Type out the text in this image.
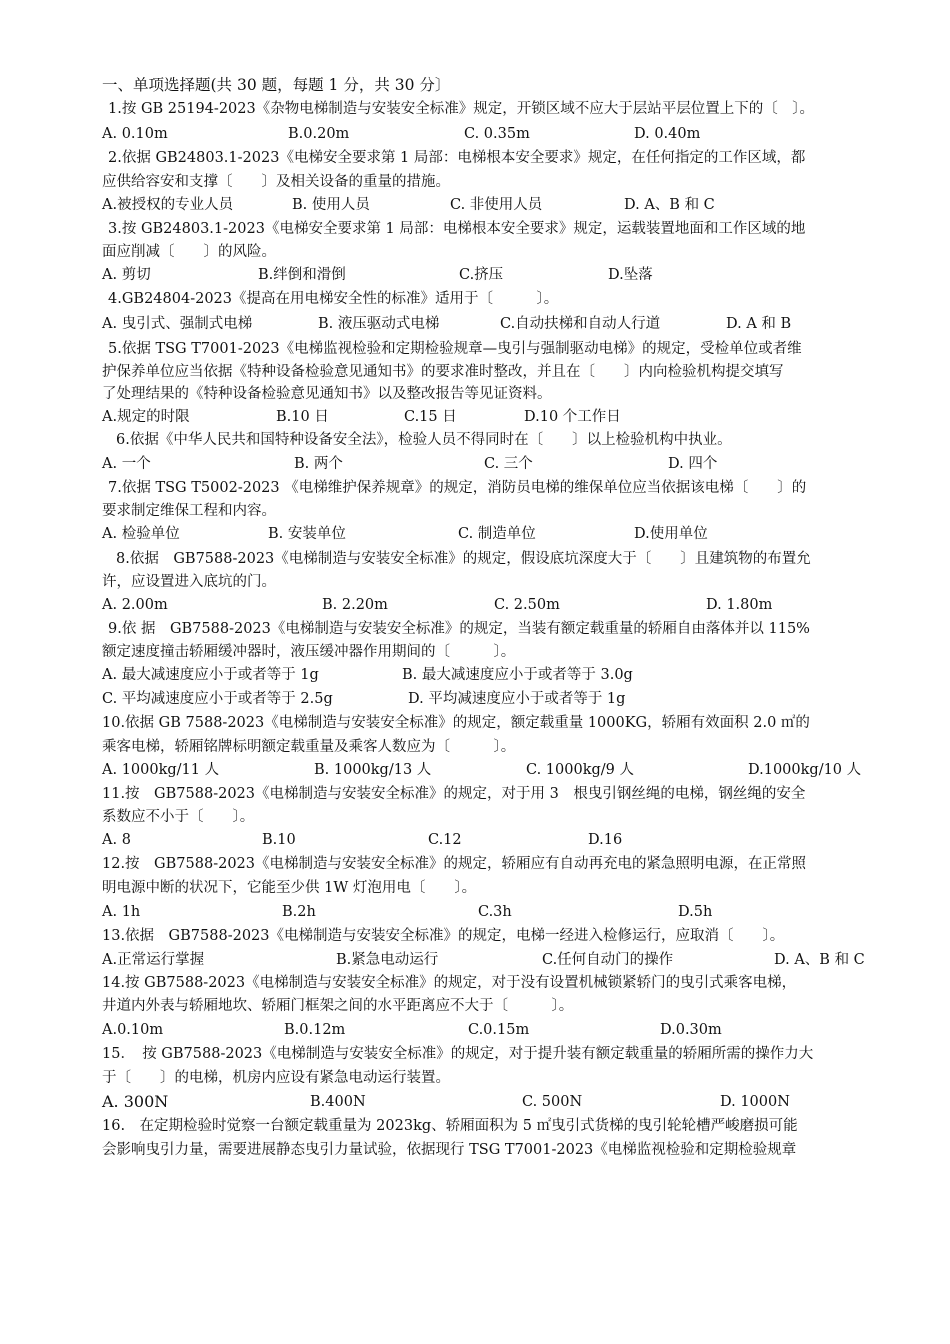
一、单项选择题(共 30 题，每题 1 分，共 30 分〕
1.按 GB 25194-2023《杂物电梯制造与安装安全标准》规定，开锁区域不应大于层站平层位置上下的〔　〕。
A. 0.10m	B.0.20m	C. 0.35m	D. 0.40m
2.依据 GB24803.1-2023《电梯安全要求第 1 局部：电梯根本安全要求》规定，在任何指定的工作区域，都
应供给容安和支撑〔　　〕及相关设备的重量的措施。
A.被授权的专业人员	B. 使用人员	C. 非使用人员	D. A、B 和 C
3.按 GB24803.1-2023《电梯安全要求第 1 局部：电梯根本安全要求》规定，运载装置地面和工作区域的地
面应削减〔　　〕的风险。
A. 剪切	B.绊倒和滑倒	C.挤压	D.坠落
4.GB24804-2023《提高在用电梯安全性的标准》适用于〔　　　〕。
A. 曳引式、强制式电梯	B. 液压驱动式电梯	C.自动扶梯和自动人行道	D. A 和 B
5.依据 TSG T7001-2023《电梯监视检验和定期检验规章—曳引与强制驱动电梯》的规定，受检单位或者维
护保养单位应当依据《特种设备检验意见通知书》的要求准时整改，并且在〔　　〕内向检验机构提交填写
了处理结果的《特种设备检验意见通知书》以及整改报告等见证资料。
A.规定的时限	B.10 日	C.15 日	D.10 个工作日
6.依据《中华人民共和国特种设备安全法》，检验人员不得同时在〔　　〕以上检验机构中执业。
A. 一个	B. 两个	C. 三个	D. 四个
7.依据 TSG T5002-2023 《电梯维护保养规章》的规定，消防员电梯的维保单位应当依据该电梯〔　　〕的
要求制定维保工程和内容。
A. 检验单位	B. 安装单位	C. 制造单位	D.使用单位
8.依据　GB7588-2023《电梯制造与安装安全标准》的规定，假设底坑深度大于〔　　〕且建筑物的布置允
许，应设置进入底坑的门。
A. 2.00m	B. 2.20m	C. 2.50m	D. 1.80m
9.依 据　GB7588-2023《电梯制造与安装安全标准》的规定，当装有额定载重量的轿厢自由落体并以 115%
额定速度撞击轿厢缓冲器时，液压缓冲器作用期间的〔　　　〕。
A. 最大减速度应小于或者等于 1g	B. 最大减速度应小于或者等于 3.0g
C. 平均减速度应小于或者等于 2.5g	D. 平均减速度应小于或者等于 1g
10.依据 GB 7588-2023《电梯制造与安装安全标准》的规定，额定载重量 1000KG，轿厢有效面积 2.0 ㎡的
乘客电梯，轿厢铭牌标明额定载重量及乘客人数应为〔　　　〕。
A. 1000kg/11 人	B. 1000kg/13 人	C. 1000kg/9 人	D.1000kg/10 人
11.按　GB7588-2023《电梯制造与安装安全标准》的规定，对于用 3　根曳引钢丝绳的电梯，钢丝绳的安全
系数应不小于〔　　〕。
A. 8	B.10	C.12	D.16
12.按　GB7588-2023《电梯制造与安装安全标准》的规定，轿厢应有自动再充电的紧急照明电源，在正常照
明电源中断的状况下，它能至少供 1W 灯泡用电〔　　〕。
A. 1h	B.2h	C.3h	D.5h
13.依据　GB7588-2023《电梯制造与安装安全标准》的规定，电梯一经进入检修运行，应取消〔　　〕。
A.正常运行掌握	B.紧急电动运行	C.任何自动门的操作	D. A、B 和 C
14.按 GB7588-2023《电梯制造与安装安全标准》的规定，对于没有设置机械锁紧轿门的曳引式乘客电梯，
井道内外表与轿厢地坎、轿厢门框架之间的水平距离应不大于〔　　　〕。
A.0.10m	B.0.12m	C.0.15m	D.0.30m
15．　按 GB7588-2023《电梯制造与安装安全标准》的规定，对于提升装有额定载重量的轿厢所需的操作力大
于〔　　〕的电梯，机房内应设有紧急电动运行装置。
A. 300N	B.400N	C. 500N	D. 1000N
16.　在定期检验时觉察一台额定载重量为 2023kg、轿厢面积为 5 ㎡曳引式货梯的曳引轮轮槽严峻磨损可能
会影响曳引力量，需要进展静态曳引力量试验，依据现行 TSG T7001-2023《电梯监视检验和定期检验规章
